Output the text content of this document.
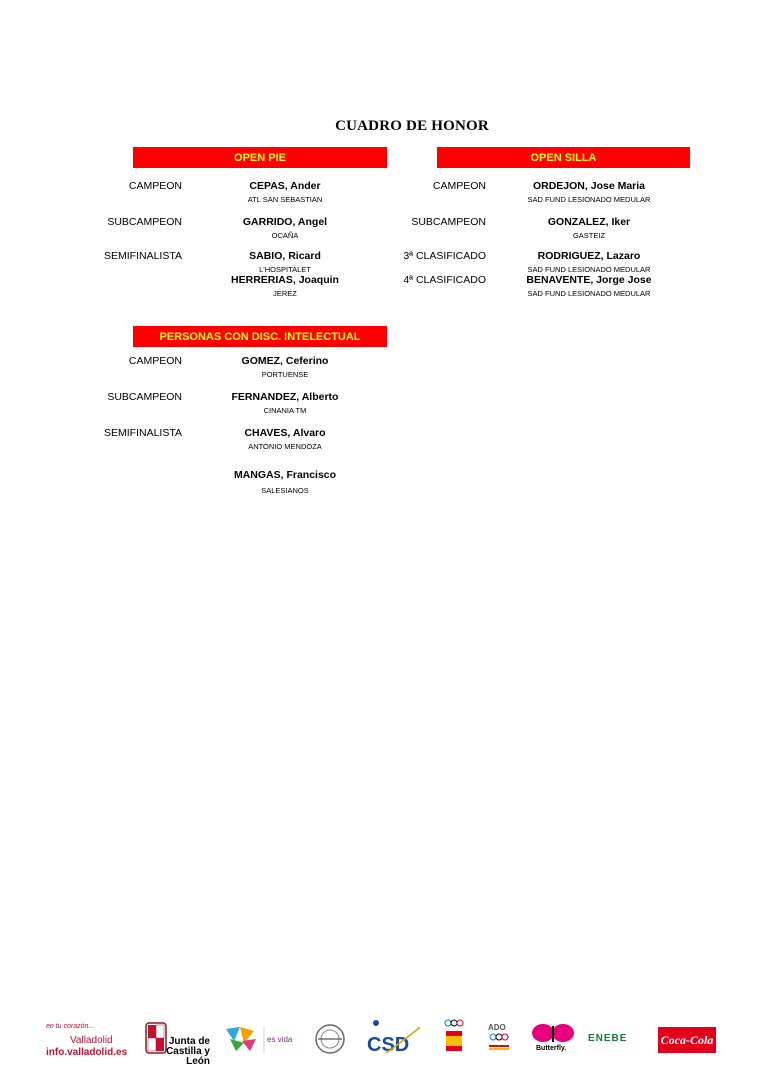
CUADRO DE HONOR
OPEN PIE
CAMPEON	CEPAS, Ander
ATL SAN SEBASTIAN
SUBCAMPEON	GARRIDO, Angel
OCAÑA
SEMIFINALISTA	SABIO, Ricard
L'HOSPITALET
HERRERIAS, Joaquin
JEREZ
OPEN SILLA
CAMPEON	ORDEJON, Jose Maria
SAD FUND LESIONADO MEDULAR
SUBCAMPEON	GONZALEZ, Iker
GASTEIZ
3ª CLASIFICADO	RODRIGUEZ, Lazaro
SAD FUND LESIONADO MEDULAR
4ª CLASIFICADO	BENAVENTE, Jorge Jose
SAD FUND LESIONADO MEDULAR
PERSONAS CON DISC. INTELECTUAL
CAMPEON	GOMEZ, Ceferino
PORTUENSE
SUBCAMPEON	FERNANDEZ, Alberto
CINANIA TM
SEMIFINALISTA	CHAVES, Alvaro
ANTONIO MENDOZA
MANGAS, Francisco
SALESIANOS
en tu corazón...
Valladolid
info.valladolid.es
Junta de Castilla y León
es vida	CSD
ADO
Butterfly.
ENEBE	Coca-Cola
